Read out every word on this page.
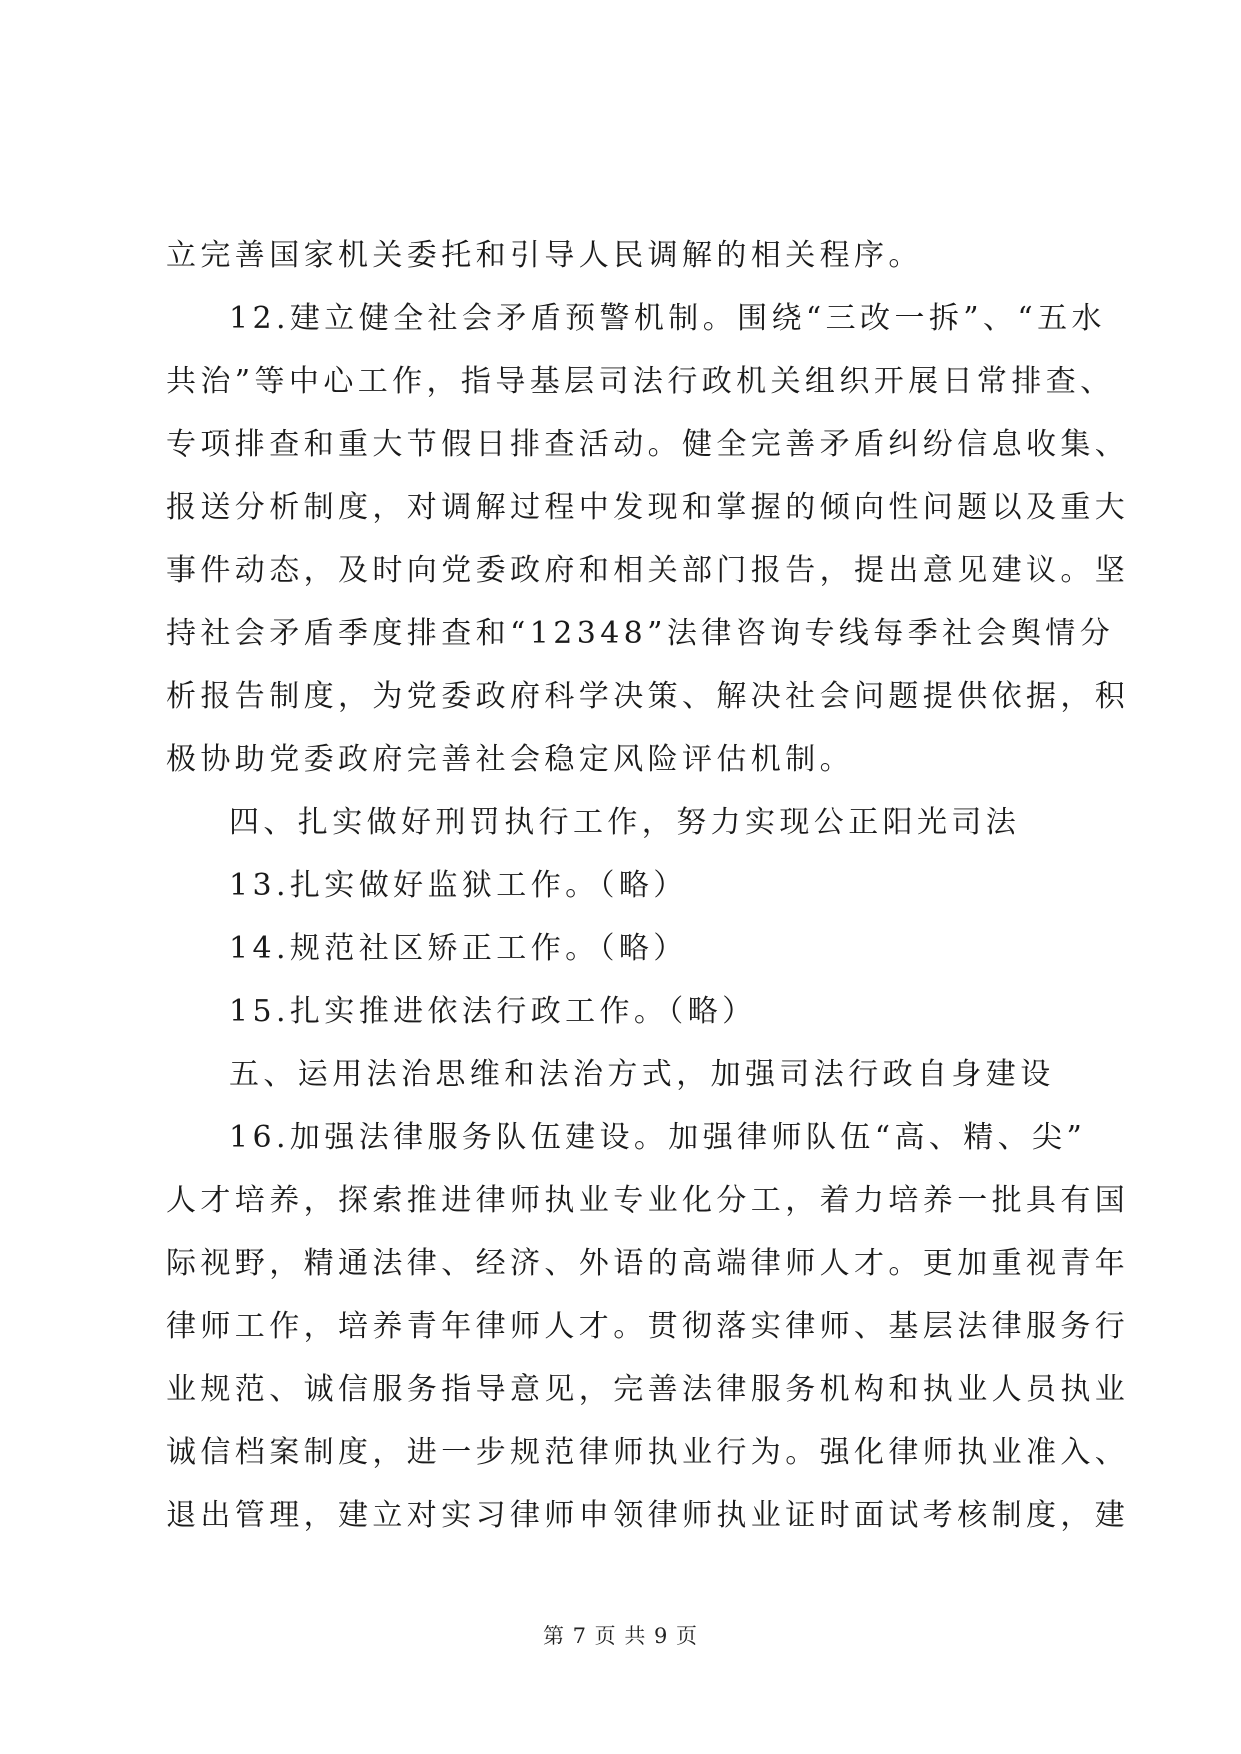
立完善国家机关委托和引导人民调解的相关程序。
12.建立健全社会矛盾预警机制。围绕“三改一拆”、“五水
共治”等中心工作，指导基层司法行政机关组织开展日常排查、
专项排查和重大节假日排查活动。健全完善矛盾纠纷信息收集、
报送分析制度，对调解过程中发现和掌握的倾向性问题以及重大
事件动态，及时向党委政府和相关部门报告，提出意见建议。坚
持社会矛盾季度排查和“12348”法律咨询专线每季社会舆情分
析报告制度，为党委政府科学决策、解决社会问题提供依据，积
极协助党委政府完善社会稳定风险评估机制。
四、扎实做好刑罚执行工作，努力实现公正阳光司法
13.扎实做好监狱工作。（略）
14.规范社区矫正工作。（略）
15.扎实推进依法行政工作。（略）
五、运用法治思维和法治方式，加强司法行政自身建设
16.加强法律服务队伍建设。加强律师队伍“高、精、尖”
人才培养，探索推进律师执业专业化分工，着力培养一批具有国
际视野，精通法律、经济、外语的高端律师人才。更加重视青年
律师工作，培养青年律师人才。贯彻落实律师、基层法律服务行
业规范、诚信服务指导意见，完善法律服务机构和执业人员执业
诚信档案制度，进一步规范律师执业行为。强化律师执业准入、
退出管理，建立对实习律师申领律师执业证时面试考核制度，建
第 7 页 共 9 页
